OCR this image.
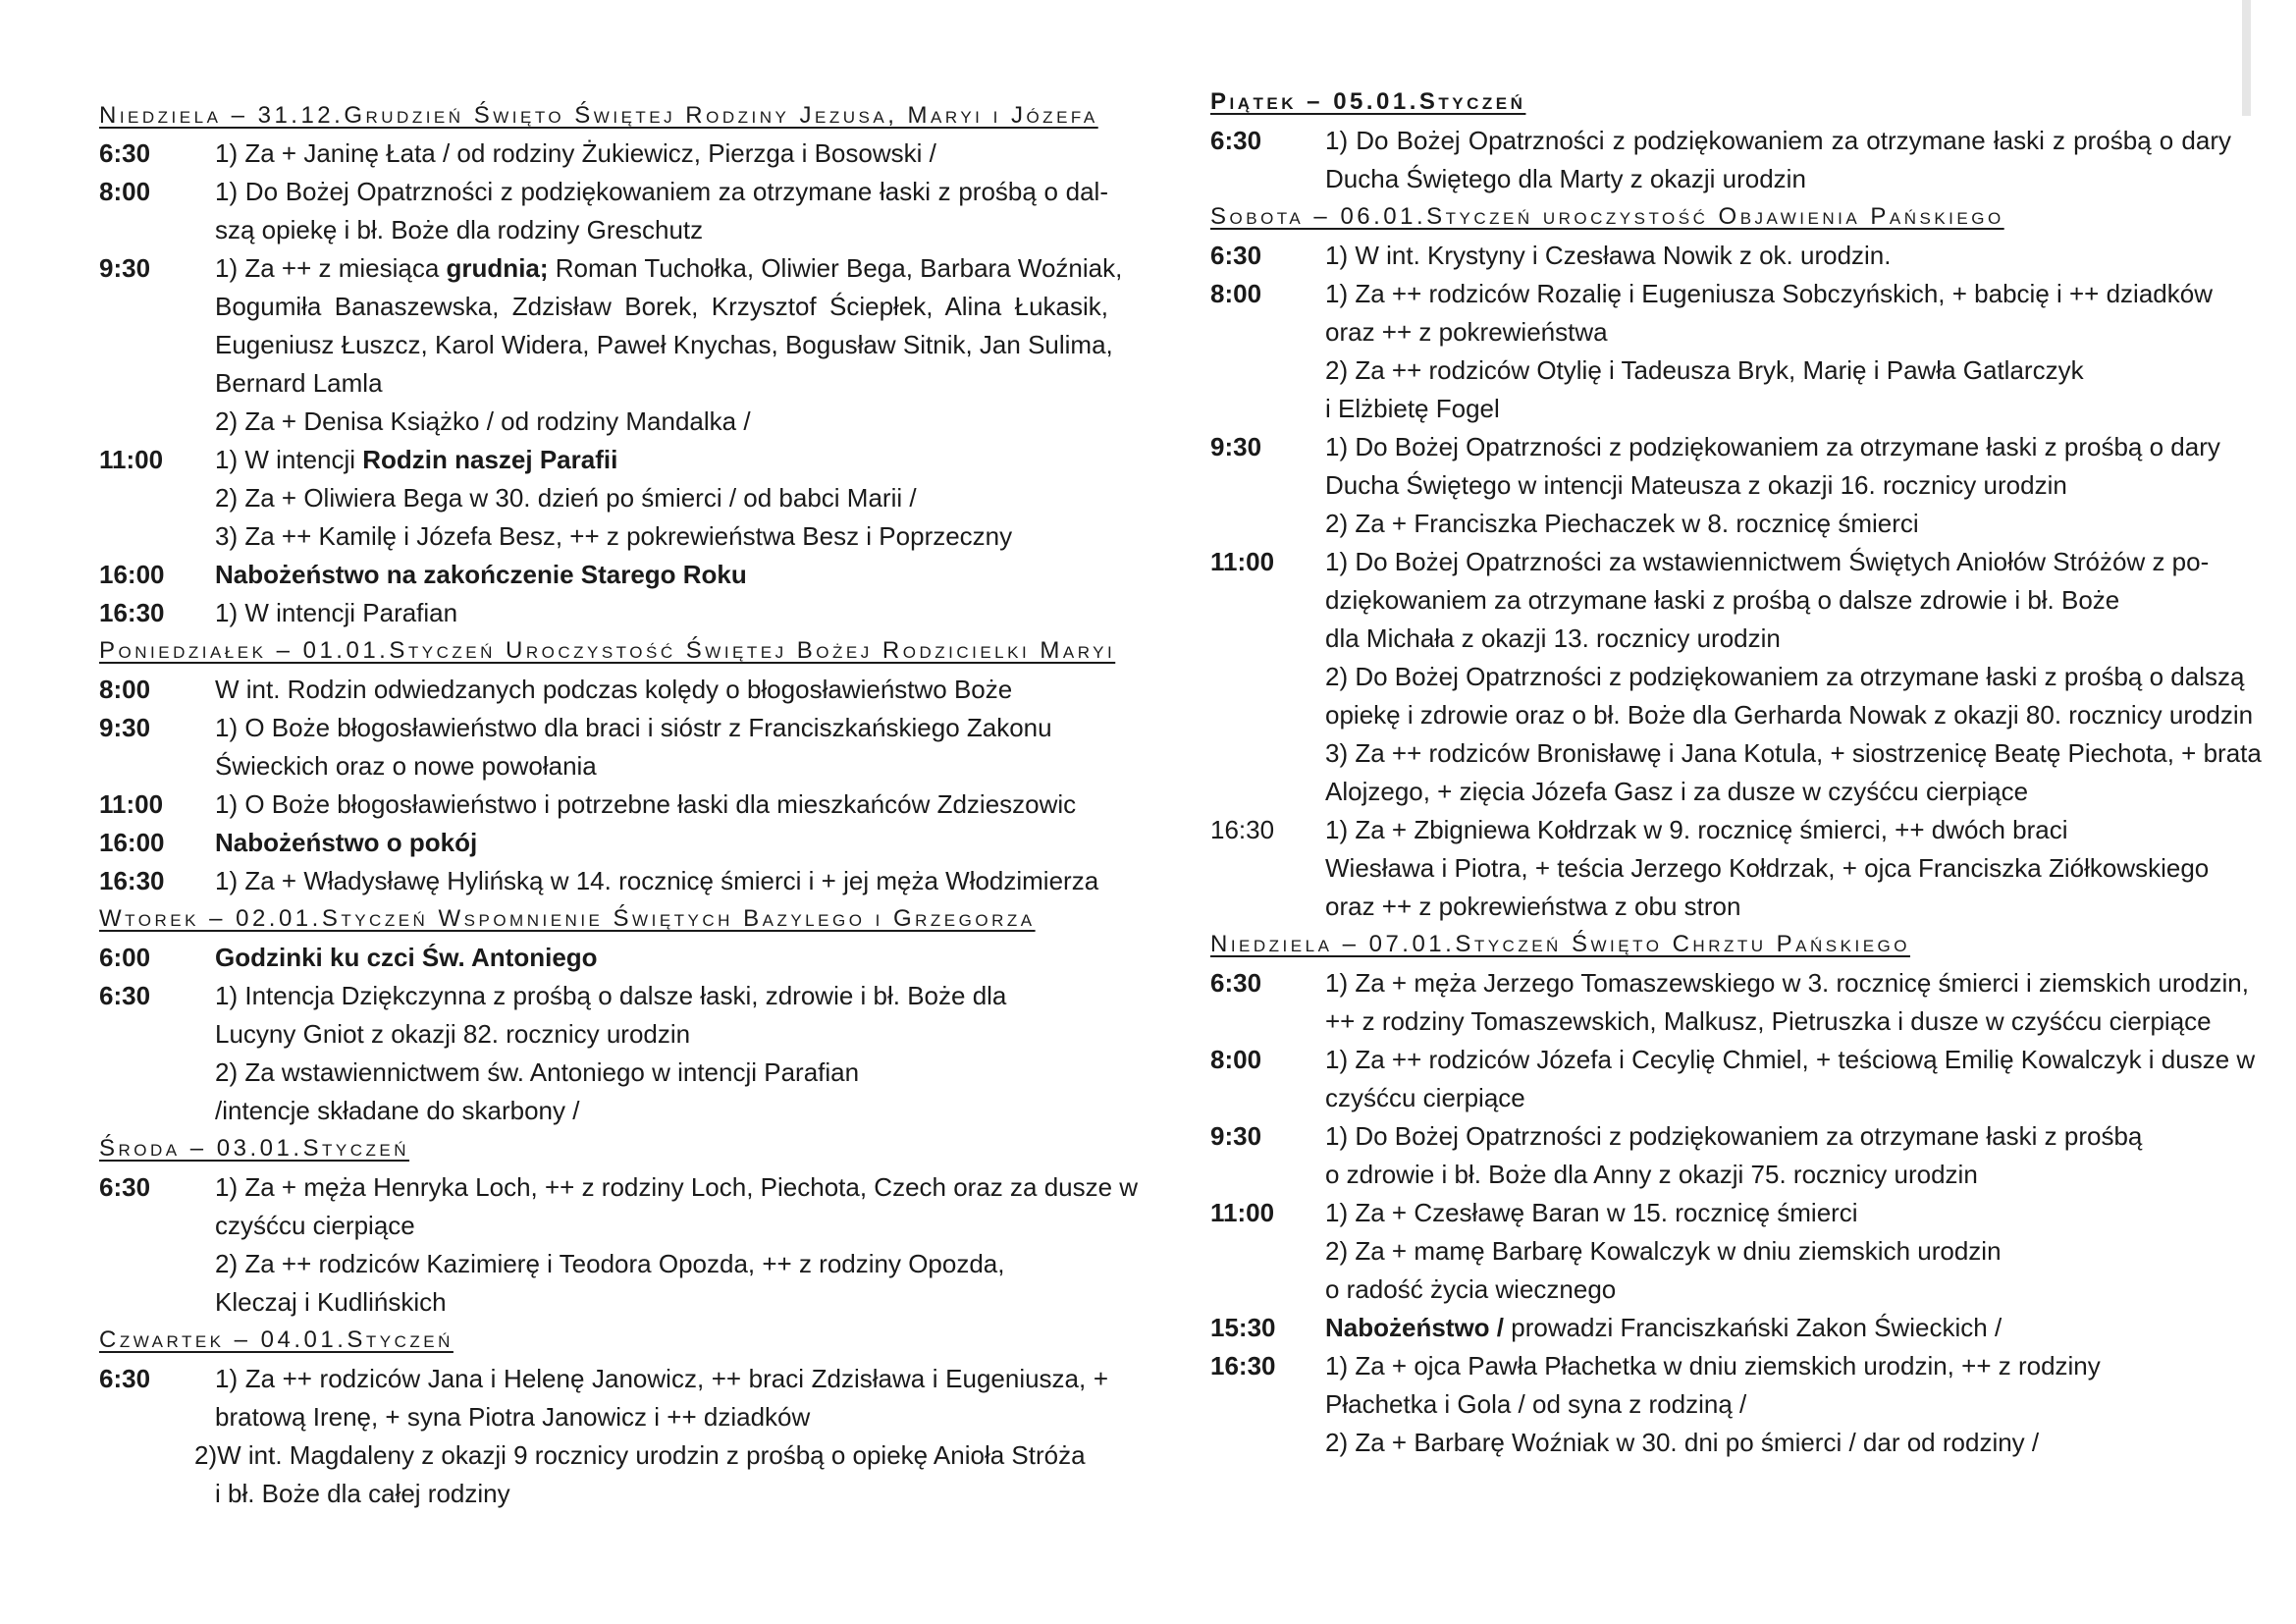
Niedziela – 31.12.Grudzień Święto Świętej Rodziny Jezusa, Maryi i Józefa
6:30	1) Za + Janinę Łata / od rodziny Żukiewicz, Pierzga i Bosowski /
8:00	1) Do Bożej Opatrzności z podziękowaniem za otrzymane łaski z prośbą o dal-
szą opiekę i bł. Boże dla rodziny Greschutz
9:30	1) Za ++ z miesiąca grudnia; Roman Tuchołka, Oliwier Bega, Barbara Woźniak,
Bogumiła Banaszewska, Zdzisław Borek, Krzysztof Ściepłek, Alina Łukasik,
Eugeniusz Łuszcz, Karol Widera, Paweł Knychas, Bogusław Sitnik, Jan Sulima,
Bernard Lamla
2) Za + Denisa Książko / od rodziny Mandalka /
11:00 1) W intencji Rodzin naszej Parafii
2) Za + Oliwiera Bega w 30. dzień po śmierci / od babci Marii /
3) Za ++ Kamilę i Józefa Besz, ++ z pokrewieństwa Besz i Poprzeczny
16:00 Nabożeństwo na zakończenie Starego Roku
16:30 1) W intencji Parafian
Poniedziałek – 01.01.Styczeń Uroczystość Świętej Bożej Rodzicielki Maryi
8:00	W int. Rodzin odwiedzanych podczas kolędy o błogosławieństwo Boże
9:30	1) O Boże błogosławieństwo dla braci i sióstr z Franciszkańskiego Zakonu
Świeckich oraz o nowe powołania
11:00 1) O Boże błogosławieństwo i potrzebne łaski dla mieszkańców Zdzieszowic
16:00 Nabożeństwo o pokój
16:30 1) Za + Władysławę Hylińską w 14. rocznicę śmierci i + jej męża Włodzimierza
Wtorek – 02.01.Styczeń Wspomnienie Świętych Bazylego i Grzegorza
6:00	Godzinki ku czci Św. Antoniego
6:30	1) Intencja Dziękczynna z prośbą o dalsze łaski, zdrowie i bł. Boże dla
Lucyny Gniot z okazji 82. rocznicy urodzin
2) Za wstawiennictwem św. Antoniego w intencji Parafian
/intencje składane do skarbony /
Środa – 03.01.Styczeń
6:30	1) Za + męża Henryka Loch, ++ z rodziny Loch, Piechota, Czech oraz za dusze w
czyśćcu cierpiące
2) Za ++ rodziców Kazimierę i Teodora Opozda, ++ z rodziny Opozda,
Kleczaj i Kudlińskich
Czwartek – 04.01.Styczeń
6:30	1) Za ++ rodziców Jana i Helenę Janowicz, ++ braci Zdzisława i Eugeniusza, +
bratową Irenę, + syna Piotra Janowicz i ++ dziadków
2)W int. Magdaleny z okazji 9 rocznicy urodzin z prośbą o opiekę Anioła Stróża
i bł. Boże dla całej rodziny
Piątek – 05.01.Styczeń
6:30 1) Do Bożej Opatrzności z podziękowaniem za otrzymane łaski z prośbą o dary
Ducha Świętego dla Marty z okazji urodzin
Sobota – 06.01.Styczeń uroczystość Objawienia Pańskiego
6:30 1) W int. Krystyny i Czesława Nowik z ok. urodzin.
8:00 1) Za ++ rodziców Rozalię i Eugeniusza Sobczyńskich, + babcię i ++ dziadków
oraz ++ z pokrewieństwa
2) Za ++ rodziców Otylię i Tadeusza Bryk, Marię i Pawła Gatlarczyk
i Elżbietę Fogel
9:30 1) Do Bożej Opatrzności z podziękowaniem za otrzymane łaski z prośbą o dary
Ducha Świętego w intencji Mateusza z okazji 16. rocznicy urodzin
2) Za + Franciszka Piechaczek w 8. rocznicę śmierci
11:00 1) Do Bożej Opatrzności za wstawiennictwem Świętych Aniołów Stróżów z po-
dziękowaniem za otrzymane łaski z prośbą o dalsze zdrowie i bł. Boże
dla Michała z okazji 13. rocznicy urodzin
2) Do Bożej Opatrzności z podziękowaniem za otrzymane łaski z prośbą o dalszą
opiekę i zdrowie oraz o bł. Boże dla Gerharda Nowak z okazji 80. rocznicy urodzin
3) Za ++ rodziców Bronisławę i Jana Kotula, + siostrzenicę Beatę Piechota, + brata
Alojzego, + zięcia Józefa Gasz i za dusze w czyśćcu cierpiące
16:30 1) Za + Zbigniewa Kołdrzak w 9. rocznicę śmierci, ++ dwóch braci
Wiesława i Piotra, + teścia Jerzego Kołdrzak, + ojca Franciszka Ziółkowskiego
oraz ++ z pokrewieństwa z obu stron
Niedziela – 07.01.Styczeń Święto Chrztu Pańskiego
6:30 1) Za + męża Jerzego Tomaszewskiego w 3. rocznicę śmierci i ziemskich urodzin,
++ z rodziny Tomaszewskich, Malkusz, Pietruszka i dusze w czyśćcu cierpiące
8:00 1) Za ++ rodziców Józefa i Cecylię Chmiel, + teściową Emilię Kowalczyk i dusze w
czyśćcu cierpiące
9:30 1) Do Bożej Opatrzności z podziękowaniem za otrzymane łaski z prośbą
o zdrowie i bł. Boże dla Anny z okazji 75. rocznicy urodzin
11:00 1) Za + Czesławę Baran w 15. rocznicę śmierci
2) Za + mamę Barbarę Kowalczyk w dniu ziemskich urodzin
o radość życia wiecznego
15:30 Nabożeństwo / prowadzi Franciszkański Zakon Świeckich /
16:30 1) Za + ojca Pawła Płachetka w dniu ziemskich urodzin, ++ z rodziny
Płachetka i Gola / od syna z rodziną /
2) Za + Barbarę Woźniak w 30. dni po śmierci / dar od rodziny /
